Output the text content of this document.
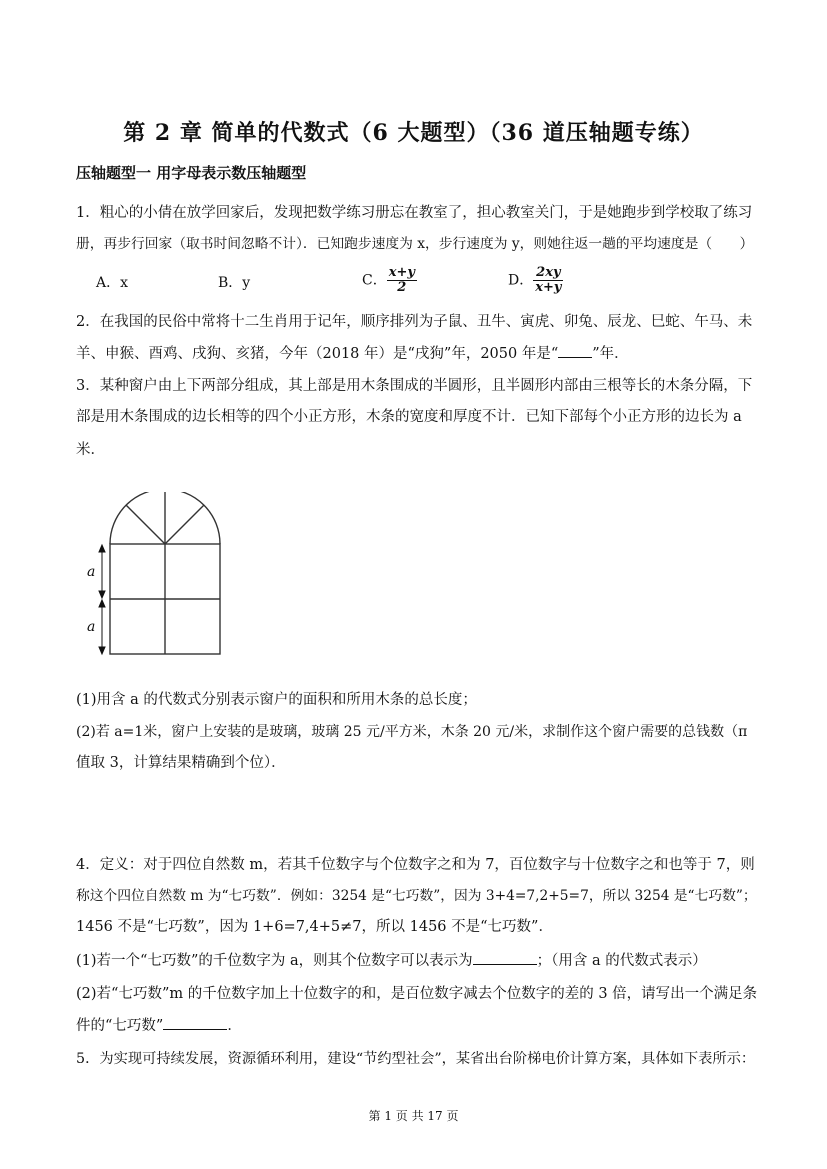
第 2 章 简单的代数式（6 大题型）（36 道压轴题专练）
压轴题型一 用字母表示数压轴题型
1．粗心的小倩在放学回家后，发现把数学练习册忘在教室了，担心教室关门，于是她跑步到学校取了练习
册，再步行回家（取书时间忽略不计）．已知跑步速度为 x，步行速度为 y，则她往返一趟的平均速度是（　　）
A．x	B．y	C． $\frac{x+y}{2}$	D． $\frac{2xy}{x+y}$
2．在我国的民俗中常将十二生肖用于记年，顺序排列为子鼠、丑牛、寅虎、卯兔、辰龙、巳蛇、午马、未
羊、申猴、酉鸡、戌狗、亥猪，今年（2018 年）是“戌狗”年，2050 年是“ ”年．
3．某种窗户由上下两部分组成，其上部是用木条围成的半圆形，且半圆形内部由三根等长的木条分隔，下
部是用木条围成的边长相等的四个小正方形，木条的宽度和厚度不计．已知下部每个小正方形的边长为 a
米．
a
a
(1)用含 a 的代数式分别表示窗户的面积和所用木条的总长度；
(2)若 a=1米，窗户上安装的是玻璃，玻璃 25 元/平方米，木条 20 元/米，求制作这个窗户需要的总钱数（π
值取 3，计算结果精确到个位）．
4．定义：对于四位自然数 m，若其千位数字与个位数字之和为 7，百位数字与十位数字之和也等于 7，则
称这个四位自然数 m 为“七巧数”．例如：3254 是“七巧数”，因为 3+4=7,2+5=7，所以 3254 是“七巧数”；
1456 不是“七巧数”，因为 1+6=7,4+5≠7，所以 1456 不是“七巧数”．
(1)若一个“七巧数”的千位数字为 a，则其个位数字可以表示为	；（用含 a 的代数式表示）
(2)若“七巧数”m 的千位数字加上十位数字的和，是百位数字减去个位数字的差的 3 倍，请写出一个满足条
件的“七巧数”	．
5．为实现可持续发展，资源循环利用，建设“节约型社会”，某省出台阶梯电价计算方案，具体如下表所示：
第 1 页 共 17 页
